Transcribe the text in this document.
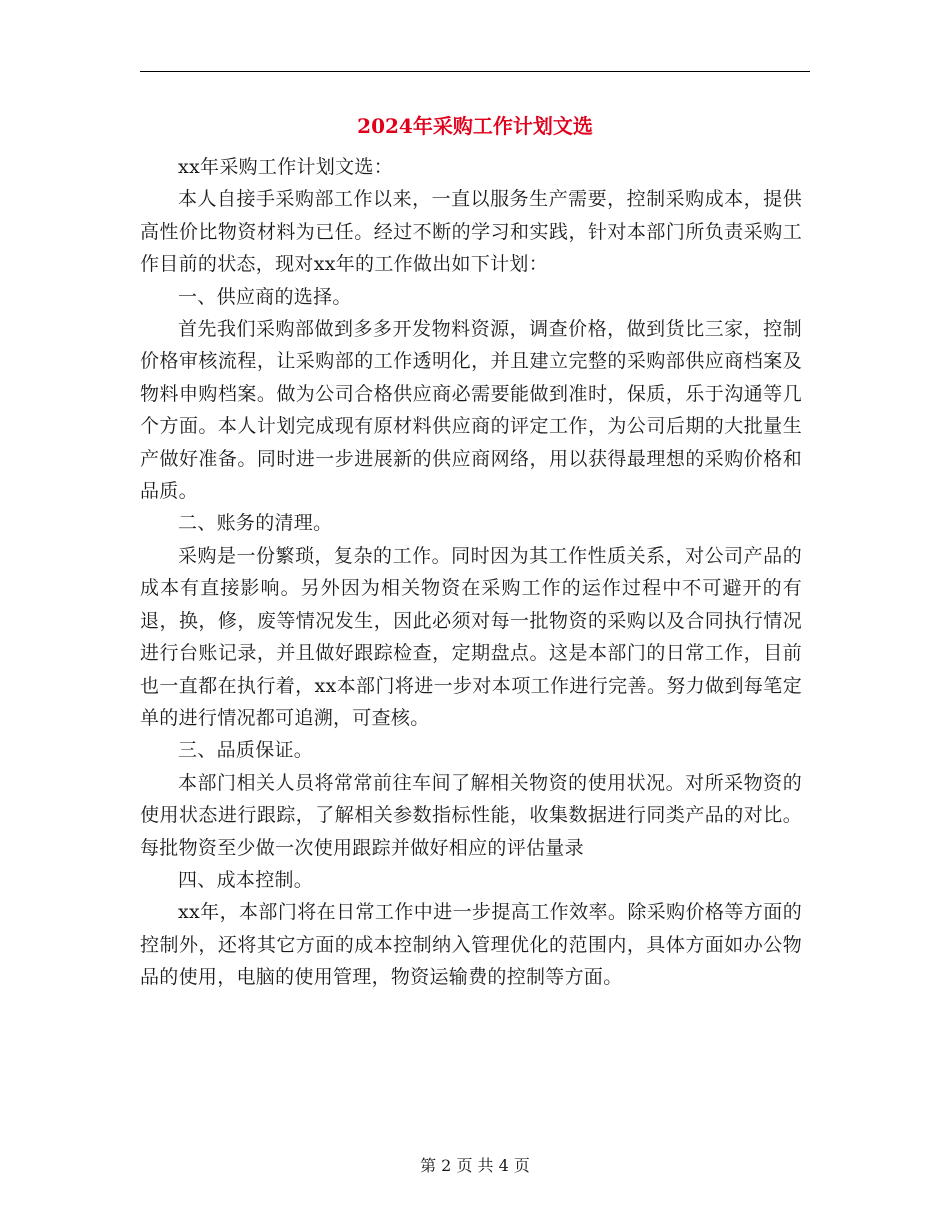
2024年采购工作计划文选

xx年采购工作计划文选：

本人自接手采购部工作以来，一直以服务生产需要，控制采购成本，提供高性价比物资材料为已任。经过不断的学习和实践，针对本部门所负责采购工作目前的状态，现对xx年的工作做出如下计划：

一、供应商的选择。

首先我们采购部做到多多开发物料资源，调查价格，做到货比三家，控制价格审核流程，让采购部的工作透明化，并且建立完整的采购部供应商档案及物料申购档案。做为公司合格供应商必需要能做到准时，保质，乐于沟通等几个方面。本人计划完成现有原材料供应商的评定工作，为公司后期的大批量生产做好准备。同时进一步进展新的供应商网络，用以获得最理想的采购价格和品质。

二、账务的清理。

采购是一份繁琐，复杂的工作。同时因为其工作性质关系，对公司产品的成本有直接影响。另外因为相关物资在采购工作的运作过程中不可避开的有退，换，修，废等情况发生，因此必须对每一批物资的采购以及合同执行情况进行台账记录，并且做好跟踪检查，定期盘点。这是本部门的日常工作，目前也一直都在执行着，xx本部门将进一步对本项工作进行完善。努力做到每笔定单的进行情况都可追溯，可查核。

三、品质保证。

本部门相关人员将常常前往车间了解相关物资的使用状况。对所采物资的使用状态进行跟踪，了解相关参数指标性能，收集数据进行同类产品的对比。每批物资至少做一次使用跟踪并做好相应的评估量录

四、成本控制。

xx年，本部门将在日常工作中进一步提高工作效率。除采购价格等方面的控制外，还将其它方面的成本控制纳入管理优化的范围内，具体方面如办公物品的使用，电脑的使用管理，物资运输费的控制等方面。

第 2 页 共 4 页
